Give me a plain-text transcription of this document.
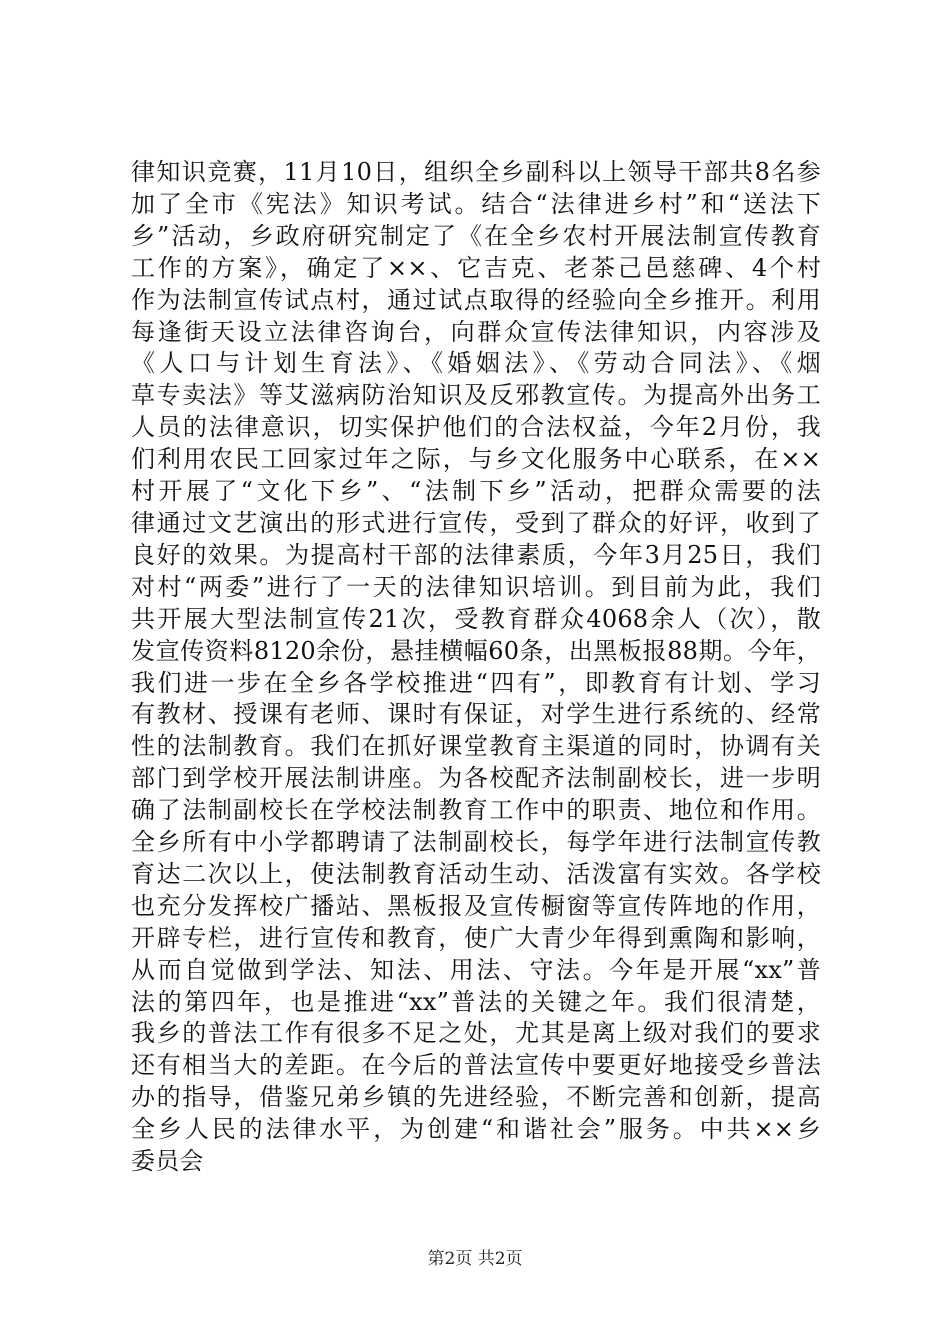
律知识竞赛，11月10日，组织全乡副科以上领导干部共8名参
加了全市《宪法》知识考试。结合“法律进乡村”和“送法下
乡”活动，乡政府研究制定了《在全乡农村开展法制宣传教育
工作的方案》，确定了××、它吉克、老茶己邑慈碑、4个村
作为法制宣传试点村，通过试点取得的经验向全乡推开。利用
每逢街天设立法律咨询台，向群众宣传法律知识，内容涉及
《人口与计划生育法》、《婚姻法》、《劳动合同法》、《烟
草专卖法》等艾滋病防治知识及反邪教宣传。为提高外出务工
人员的法律意识，切实保护他们的合法权益，今年2月份，我
们利用农民工回家过年之际，与乡文化服务中心联系，在××
村开展了“文化下乡”、“法制下乡”活动，把群众需要的法
律通过文艺演出的形式进行宣传，受到了群众的好评，收到了
良好的效果。为提高村干部的法律素质，今年3月25日，我们
对村“两委”进行了一天的法律知识培训。到目前为此，我们
共开展大型法制宣传21次，受教育群众4068余人（次），散
发宣传资料8120余份，悬挂横幅60条，出黑板报88期。今年，
我们进一步在全乡各学校推进“四有”，即教育有计划、学习
有教材、授课有老师、课时有保证，对学生进行系统的、经常
性的法制教育。我们在抓好课堂教育主渠道的同时，协调有关
部门到学校开展法制讲座。为各校配齐法制副校长，进一步明
确了法制副校长在学校法制教育工作中的职责、地位和作用。
全乡所有中小学都聘请了法制副校长，每学年进行法制宣传教
育达二次以上，使法制教育活动生动、活泼富有实效。各学校
也充分发挥校广播站、黑板报及宣传橱窗等宣传阵地的作用，
开辟专栏，进行宣传和教育，使广大青少年得到熏陶和影响，
从而自觉做到学法、知法、用法、守法。今年是开展“xx”普
法的第四年，也是推进“xx”普法的关键之年。我们很清楚，
我乡的普法工作有很多不足之处，尤其是离上级对我们的要求
还有相当大的差距。在今后的普法宣传中要更好地接受乡普法
办的指导，借鉴兄弟乡镇的先进经验，不断完善和创新，提高
全乡人民的法律水平，为创建“和谐社会”服务。中共××乡
委员会
第2页 共2页
